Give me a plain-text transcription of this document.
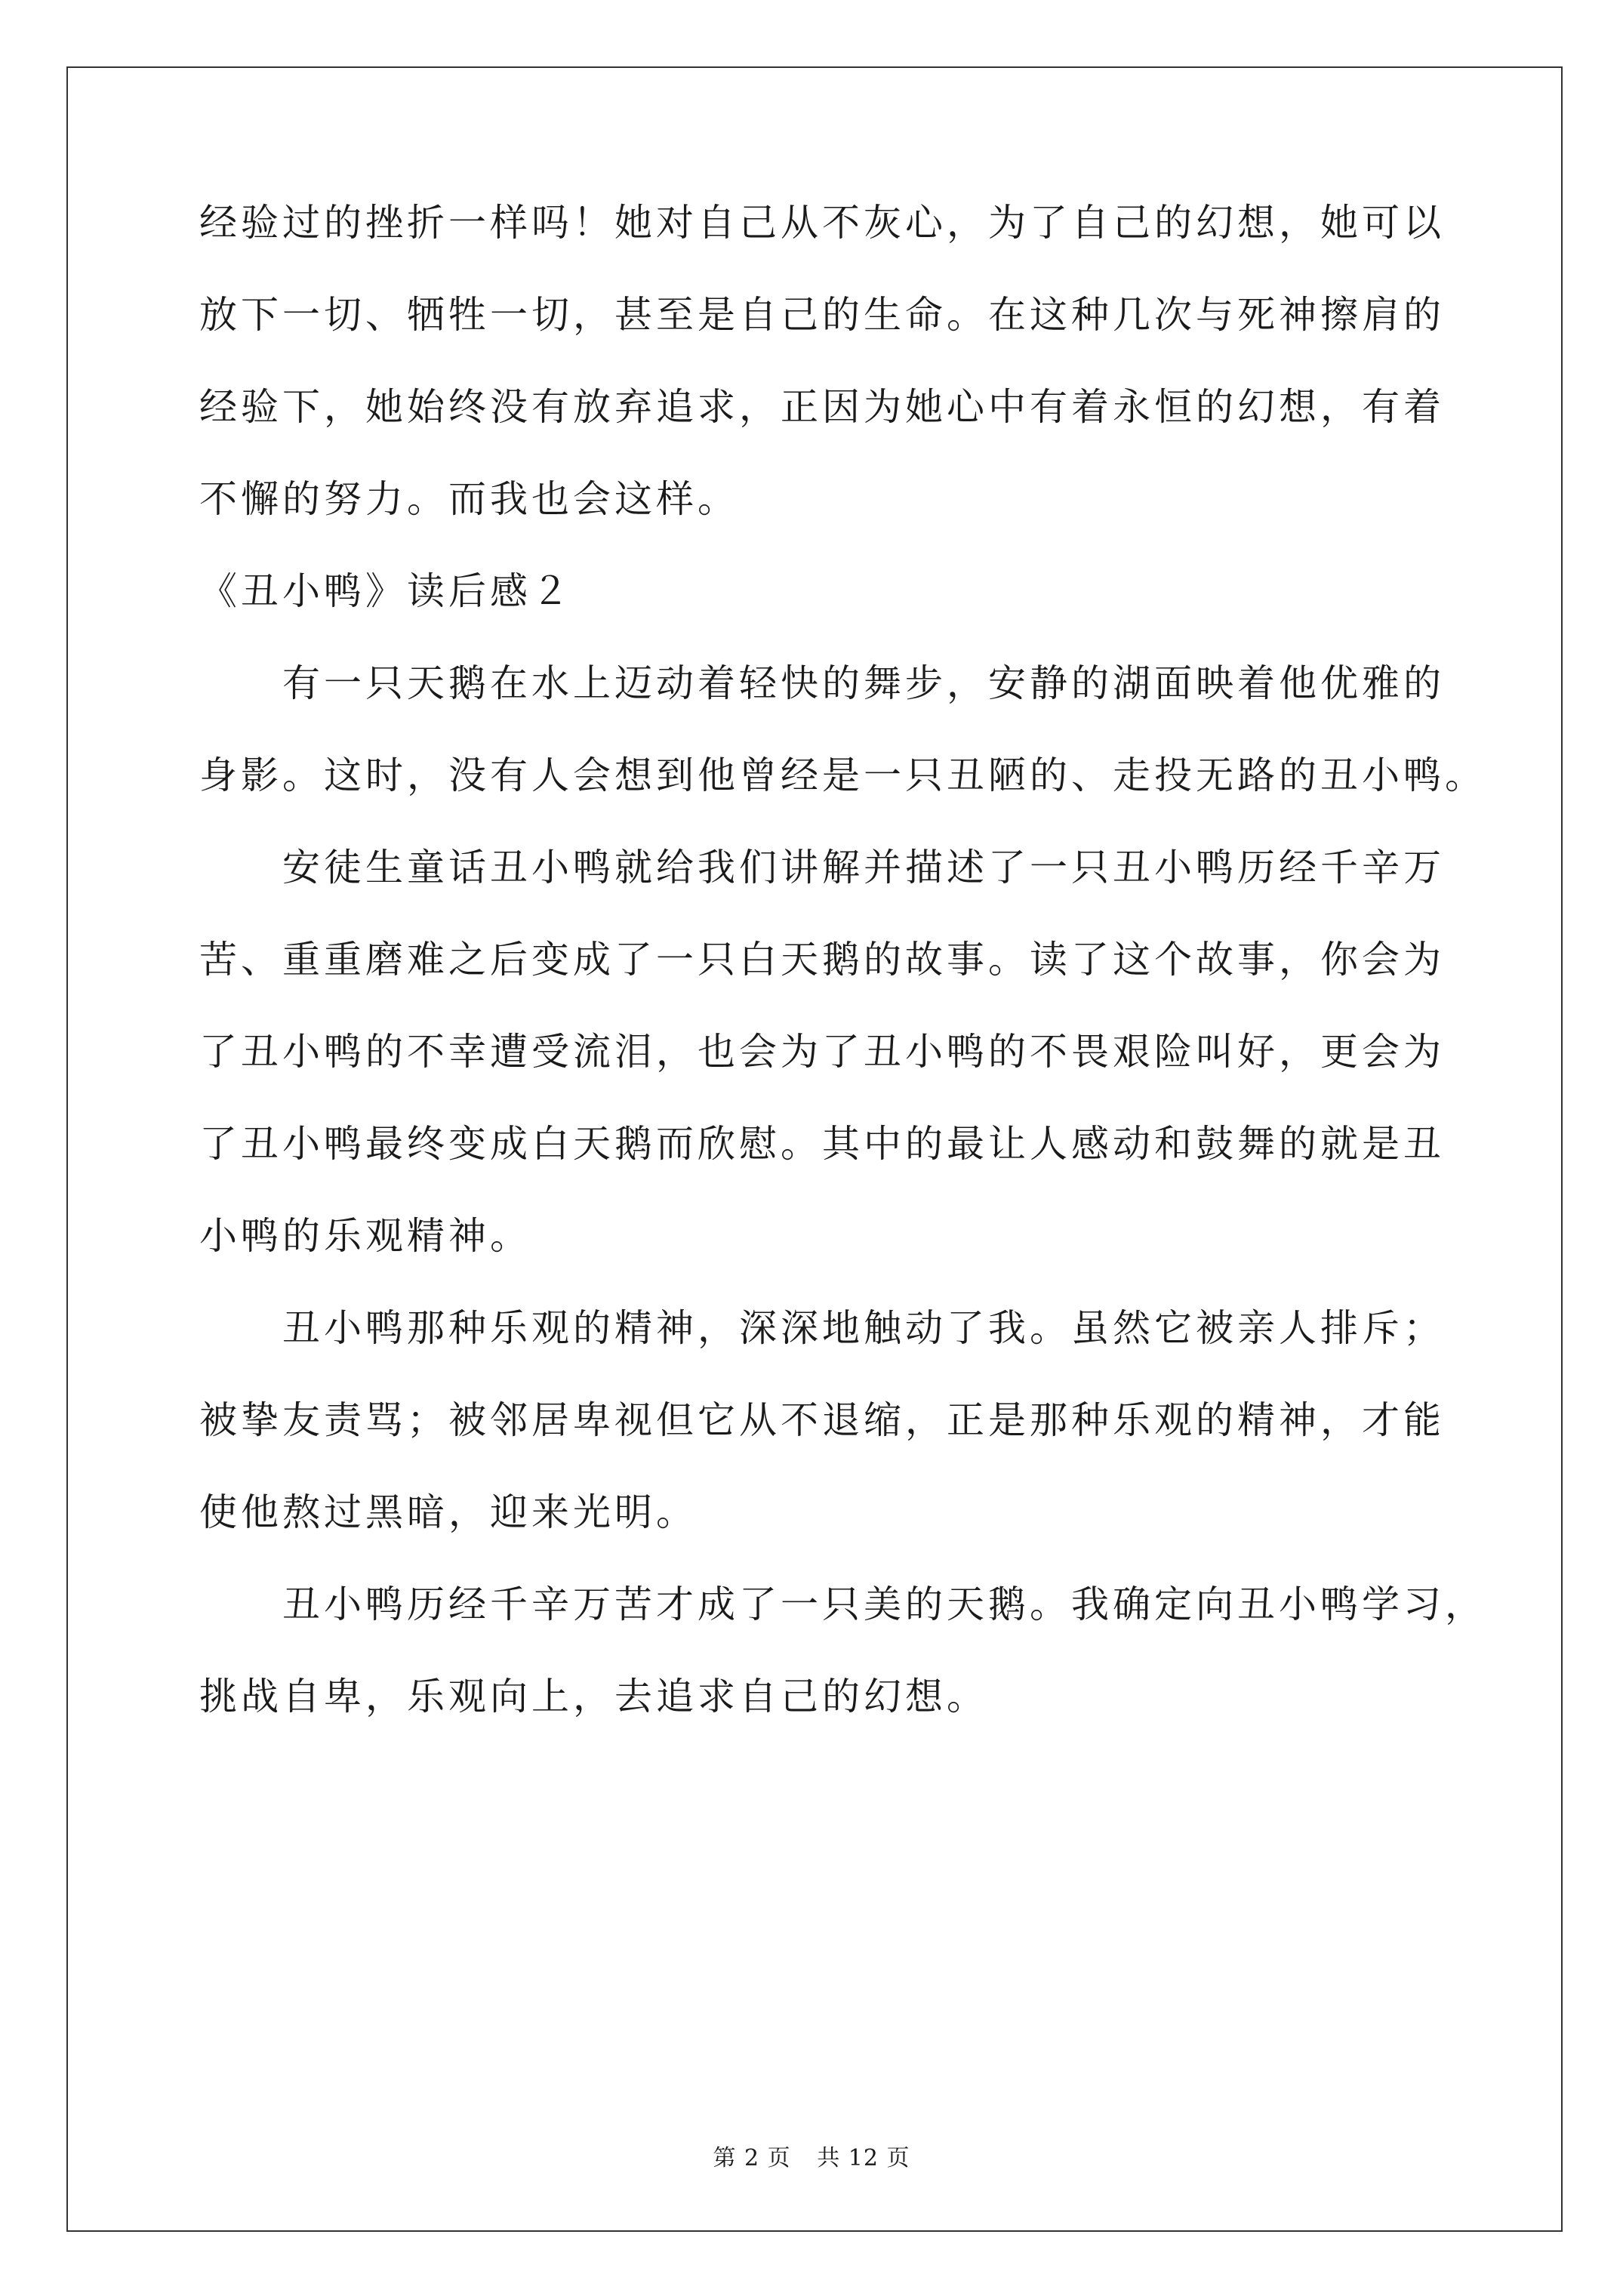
经验过的挫折一样吗！她对自己从不灰心，为了自己的幻想，她可以

放下一切、牺牲一切，甚至是自己的生命。在这种几次与死神擦肩的

经验下，她始终没有放弃追求，正因为她心中有着永恒的幻想，有着

不懈的努力。而我也会这样。

《丑小鸭》读后感２

有一只天鹅在水上迈动着轻快的舞步，安静的湖面映着他优雅的

身影。这时，没有人会想到他曾经是一只丑陋的、走投无路的丑小鸭。

安徒生童话丑小鸭就给我们讲解并描述了一只丑小鸭历经千辛万

苦、重重磨难之后变成了一只白天鹅的故事。读了这个故事，你会为

了丑小鸭的不幸遭受流泪，也会为了丑小鸭的不畏艰险叫好，更会为

了丑小鸭最终变成白天鹅而欣慰。其中的最让人感动和鼓舞的就是丑

小鸭的乐观精神。

丑小鸭那种乐观的精神，深深地触动了我。虽然它被亲人排斥；

被挚友责骂；被邻居卑视但它从不退缩，正是那种乐观的精神，才能

使他熬过黑暗，迎来光明。

丑小鸭历经千辛万苦才成了一只美的天鹅。我确定向丑小鸭学习，

挑战自卑，乐观向上，去追求自己的幻想。

第 2 页 共 12 页
